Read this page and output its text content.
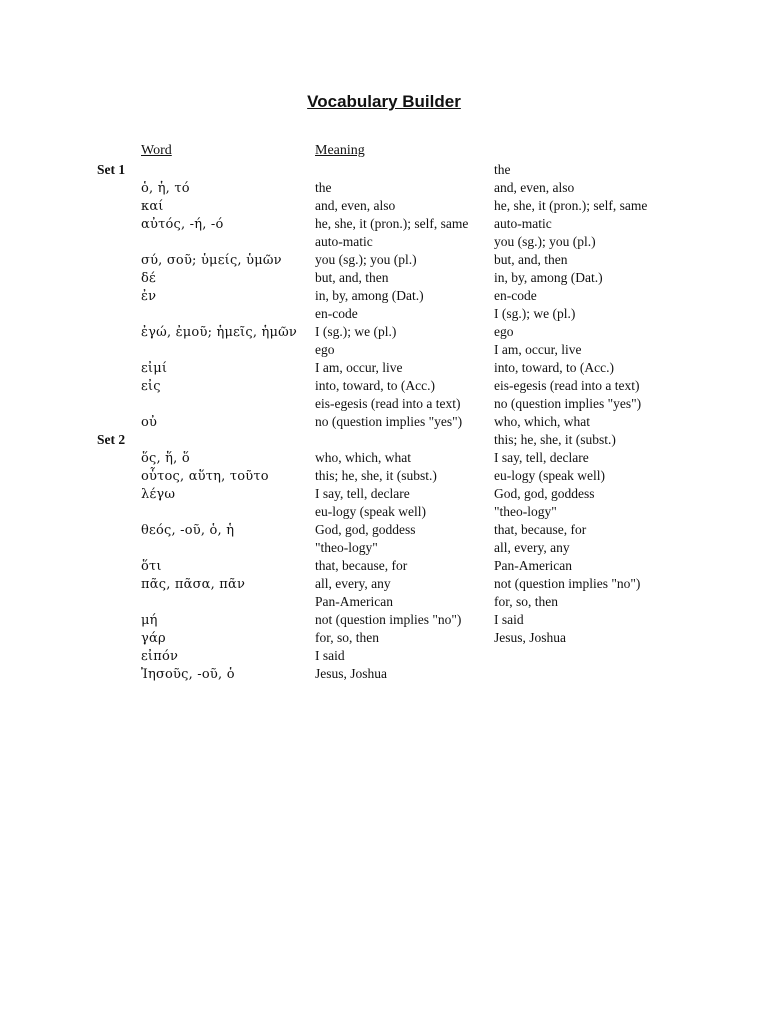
Vocabulary Builder
Word	Meaning
Set 1
Set 2
ὁ, ἡ, τό
καί
αὐτός, -ή, -ό
σύ, σοῦ; ὑμείς, ὑμῶν
δέ
ἐν
ἐγώ, ἐμοῦ; ἡμεῖς, ἡμῶν
εἰμί
εἰς
οὐ
ὅς, ἥ, ὅ
οὗτος, αὕτη, τοῦτο
λέγω
θεός, -οῦ, ὁ, ἡ
ὅτι
πᾶς, πᾶσα, πᾶν
μή
γάρ
εἰπόν
Ἰησοῦς, -οῦ, ὁ
the
and, even, also
he, she, it (pron.); self, same
auto-matic
you (sg.); you (pl.)
but, and, then
in, by, among (Dat.)
en-code
I (sg.); we (pl.)
ego
I am, occur, live
into, toward, to (Acc.)
eis-egesis (read into a text)
no (question implies "yes")
who, which, what
this; he, she, it (subst.)
I say, tell, declare
eu-logy (speak well)
God, god, goddess
"theo-logy"
that, because, for
all, every, any
Pan-American
not (question implies "no")
for, so, then
I said
Jesus, Joshua
the
and, even, also
he, she, it (pron.); self, same
auto-matic
you (sg.); you (pl.)
but, and, then
in, by, among (Dat.)
en-code
I (sg.); we (pl.)
ego
I am, occur, live
into, toward, to (Acc.)
eis-egesis (read into a text)
no (question implies "yes")
who, which, what
this; he, she, it (subst.)
I say, tell, declare
eu-logy (speak well)
God, god, goddess
"theo-logy"
that, because, for
all, every, any
Pan-American
not (question implies "no")
for, so, then
I said
Jesus, Joshua
